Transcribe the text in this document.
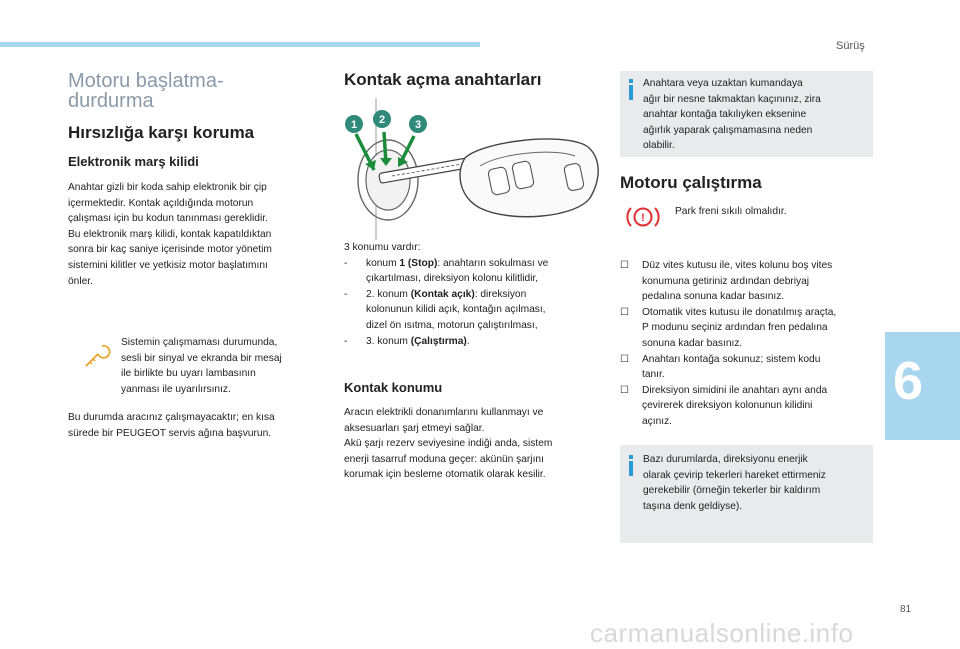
Sürüş
6
81
carmanualsonline.info
Motoru başlatma-
durdurma
Hırsızlığa karşı koruma
Elektronik marş kilidi
Anahtar gizli bir koda sahip elektronik bir çip
içermektedir. Kontak açıldığında motorun
çalışması için bu kodun tanınması gereklidir.
Bu elektronik marş kilidi, kontak kapatıldıktan
sonra bir kaç saniye içerisinde motor yönetim
sistemini kilitler ve yetkisiz motor başlatımını
önler.
Sistemin çalışmaması durumunda,
sesli bir sinyal ve ekranda bir mesaj
ile birlikte bu uyarı lambasının
yanması ile uyarılırsınız.
Bu durumda aracınız çalışmayacaktır; en kısa
sürede bir PEUGEOT servis ağına başvurun.
Kontak açma anahtarları
1 2	3
3 konumu vardır:
- konum 1 (Stop): anahtarın sokulması ve
çıkartılması, direksiyon kolonu kilitlidir,
- 2. konum (Kontak açık): direksiyon
kolonunun kilidi açık, kontağın açılması,
dizel ön ısıtma, motorun çalıştırılması,
- 3. konum (Çalıştırma).
Kontak konumu
Aracın elektrikli donanımlarını kullanmayı ve
aksesuarları şarj etmeyi sağlar.
Akü şarjı rezerv seviyesine indiği anda, sistem
enerji tasarruf moduna geçer: akünün şarjını
korumak için besleme otomatik olarak kesilir.
Anahtara veya uzaktan kumandaya
ağır bir nesne takmaktan kaçınınız, zira
anahtar kontağa takılıyken eksenine
ağırlık yaparak çalışmamasına neden
olabilir.
Motoru çalıştırma
!
Park freni sıkılı olmalıdır.
☐ Düz vites kutusu ile, vites kolunu boş vites
konumuna getiriniz ardından debriyaj
pedalına sonuna kadar basınız.
☐ Otomatik vites kutusu ile donatılmış araçta,
P modunu seçiniz ardından fren pedalına
sonuna kadar basınız.
☐ Anahtarı kontağa sokunuz; sistem kodu
tanır.
☐ Direksiyon simidini ile anahtarı aynı anda
çevirerek direksiyon kolonunun kilidini
açınız.
Bazı durumlarda, direksiyonu enerjik
olarak çevirip tekerleri hareket ettirmeniz
gerekebilir (örneğin tekerler bir kaldırım
taşına denk geldiyse).
